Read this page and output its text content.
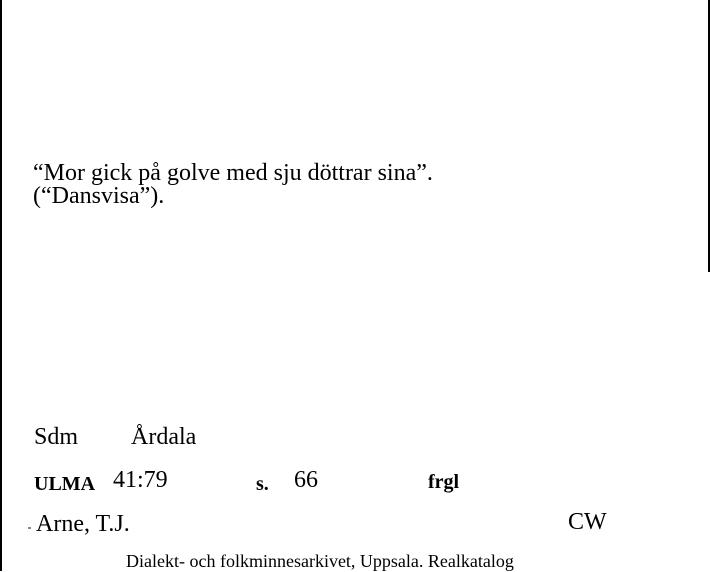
“Mor gick på golve med sju döttrar sina”.
(“Dansvisa”).
Sdm Årdala
ULMA 41:79	s. 66	frgl
Arne, T.J.	CW
Dialekt- och folkminnesarkivet, Uppsala. Realkatalog
